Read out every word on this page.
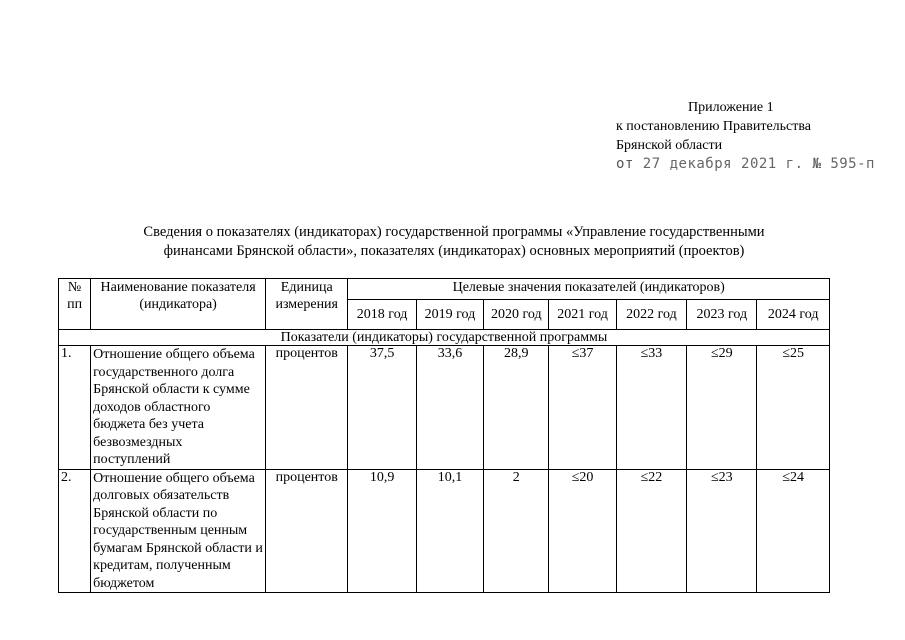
Приложение 1
к постановлению Правительства
Брянской области
от 27 декабря 2021 г. № 595-п
Сведения о показателях (индикаторах) государственной программы «Управление государственными
финансами Брянской области», показателях (индикаторах) основных мероприятий (проектов)
№ пп	Наименование показателя (индикатора)	Единица измерения	Целевые значения показателей (индикаторов)						
			2018 год	2019 год	2020 год	2021 год	2022 год	2023 год	2024 год
Показатели (индикаторы) государственной программы									
1.	Отношение общего объема государственного долга Брянской области к сумме доходов областного бюджета без учета безвозмездных поступлений	процентов	37,5	33,6	28,9	≤37	≤33	≤29	≤25
2.	Отношение общего объема долговых обязательств Брянской области по государственным ценным бумагам Брянской области и кредитам, полученным бюджетом	процентов	10,9	10,1	2	≤20	≤22	≤23	≤24
